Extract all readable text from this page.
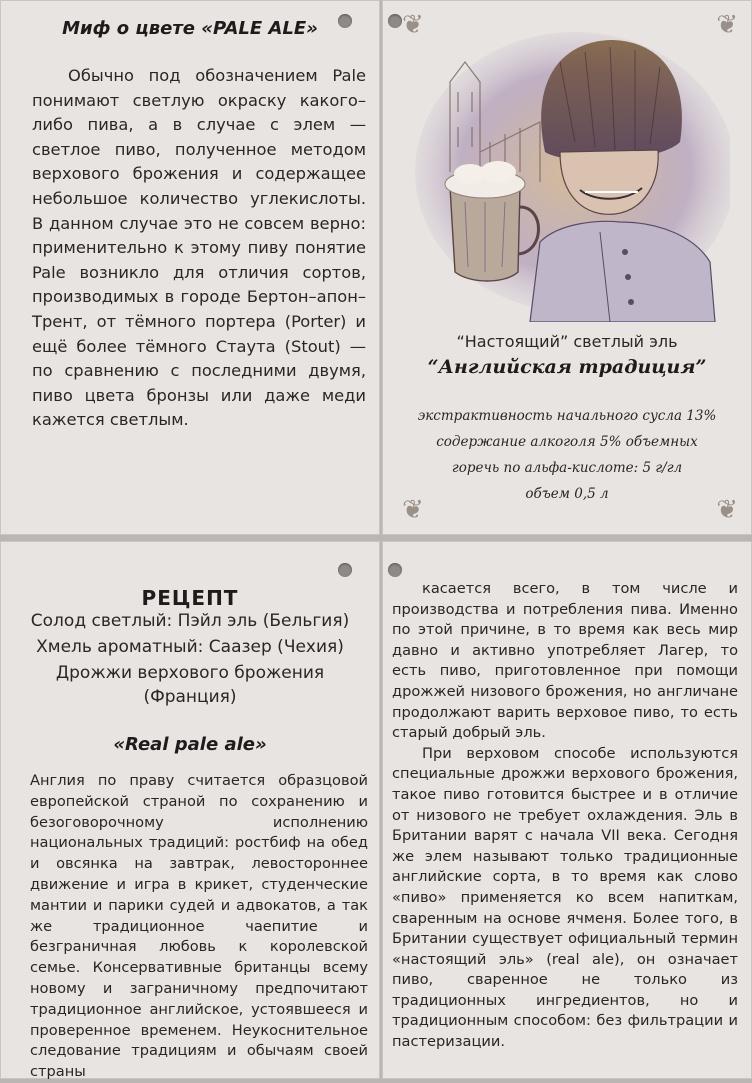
Миф о цвете «PALE ALE»
Обычно под обозначением Pale понимают светлую окраску какого–либо пива, а в случае с элем — светлое пиво, полученное методом верхового брожения и содержащее небольшое количество углекислоты. В данном случае это не совсем верно: применительно к этому пиву понятие Pale возникло для отличия сортов, производимых в городе Бертон–апон–Трент, от тёмного портера (Porter) и ещё более тёмного Стаута (Stout) — по сравнению с последними двумя, пиво цвета бронзы или даже меди кажется светлым.
❦	❦
❦	❦
“Настоящий” светлый эль
“Английская традиция”
экстрактивность начального сусла 13%
содержание алкоголя 5% объемных
горечь по альфа-кислоте: 5 г/гл
объем 0,5 л
РЕЦЕПТ
Солод светлый: Пэйл эль (Бельгия)
Хмель ароматный: Саазер (Чехия)
Дрожжи верхового брожения
(Франция)
«Real pale ale»
Англия по праву считается образцовой европейской страной по сохранению и безоговорочному исполнению национальных традиций: ростбиф на обед и овсянка на завтрак, левостороннее движение и игра в крикет, студенческие мантии и парики судей и адвокатов, а так же традиционное чаепитие и безграничная любовь к королевской семье. Консервативные британцы всему новому и заграничному предпочитают традиционное английское, устоявшееся и проверенное временем. Неукоснительное следование традициям и обычаям своей страны

касается всего, в том числе и производства и потребления пива. Именно по этой причине, в то время как весь мир давно и активно употребляет Лагер, то есть пиво, приготовленное при помощи дрожжей низового брожения, но англичане продолжают варить верховое пиво, то есть старый добрый эль.

При верховом способе используются специальные дрожжи верхового брожения, такое пиво готовится быстрее и в отличие от низового не требует охлаждения. Эль в Британии варят с начала VII века. Сегодня же элем называют только традиционные английские сорта, в то время как слово «пиво» применяется ко всем напиткам, сваренным на основе ячменя. Более того, в Британии существует официальный термин «настоящий эль» (real ale), он означает пиво, сваренное не только из традиционных ингредиентов, но и традиционным способом: без фильтрации и пастеризации.
